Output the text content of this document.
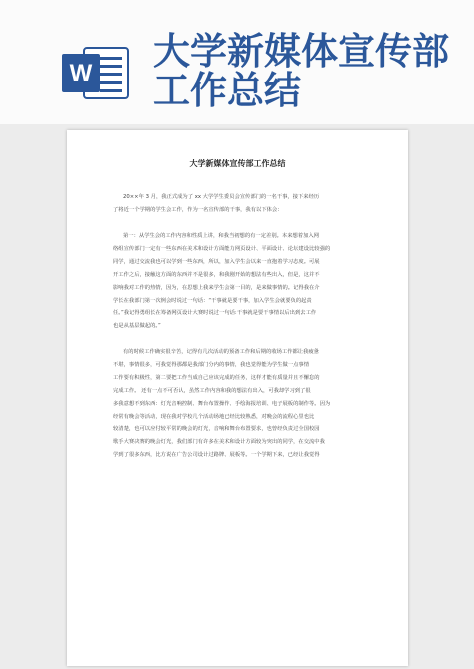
W
大学新媒体宣传部
工作总结
大学新媒体宣传部工作总结
20××年 3 月，我正式成为了 xx 大学学生委员会宣传部门的一名干事，接下来经历
了将近一个学期的学生会工作，作为一名宣传部的干事，我有以下体会：
第一：从学生会的工作内容和性质上讲，和我当初想的有一定差别。本来想着加入网
络组宣传部门一定有一些东西在美术和设计方面能力网页设计、平面设计、论坛建设比较强的
同学，通过交流我也可以学到一些东西，所以，加入学生会以来一直抱着学习态度。可展
开工作之后，接触这方面的东西并不是很多，和我刚开始的想法有些出入，但是，这并不
影响我对工作的热情，因为，在思想上我来学生会第一目的，是来做事情的。记得我在介
学长在我部门第一次例会时说过一句话：“干事就是要干事，加入学生会就要负的起责
任。”我记得勇组长在筹备网页设计大赛时说过一句话:干事就是要干事情以后出到去工作
也是从基层做起的。”
有的时候工作确实很辛苦，记得有几次活动的预备工作和后期的收场工作都让我疲惫
不堪，事情很多，可我觉得那都是我部门分内的事情，我也觉得能为学生做一点事情
工作要有积极性，第二要把工作当成自己应该完成的任务，这样才能有质量并且不懈怠的
完成工作。 还有一点不可否认，虽然工作内容和我的想法有出入，可我却学习到了很
多我意想不到东西：灯光音响控制、舞台布置操作、手绘海报培训、电子展板的制作等。因为
经常有晚会等活动，现在我对学校几个活动场地已经比较熟悉，对晚会的流程心里也比
较清楚，也可以应付较平常的晚会的灯光，音响和舞台布置要求，也曾经负责过全国校园
歌手大赛决赛的晚会灯光，我们部门有许多在美术和设计方面较为突出的同学，在交流中我
学到了很多东西，比方说在广告公司设计过路牌、展板等。一个学期下来，已经让我觉得
